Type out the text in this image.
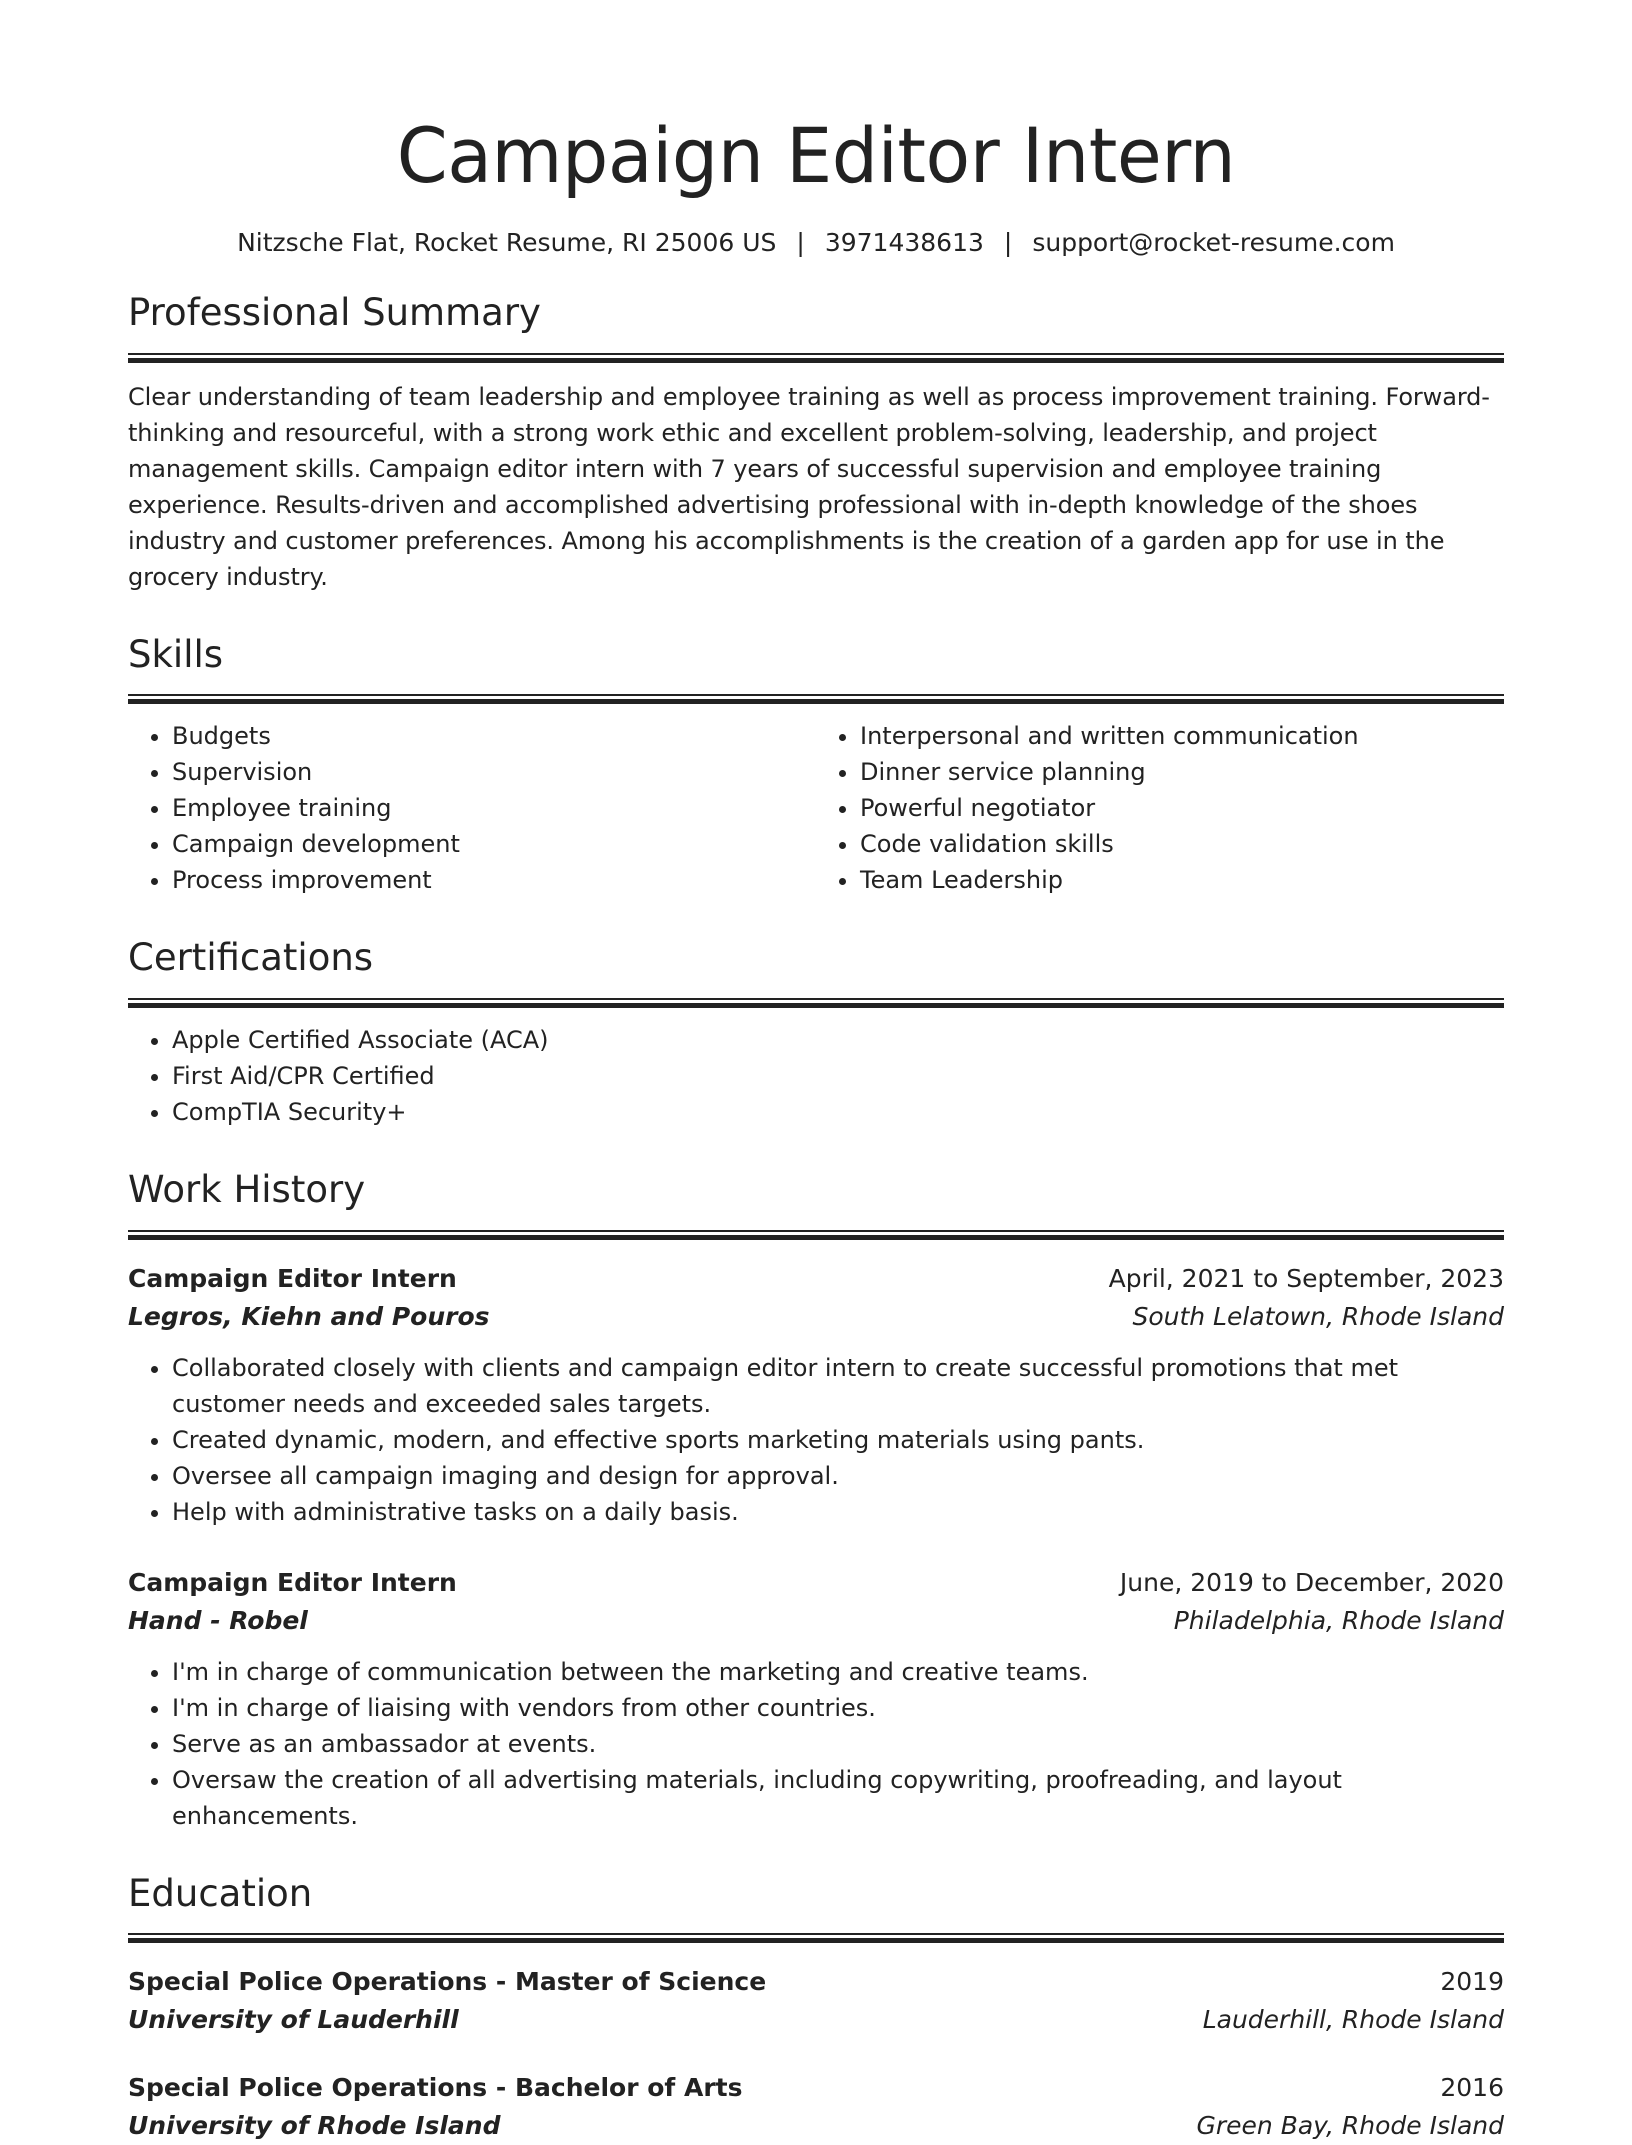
Campaign Editor Intern
Nitzsche Flat, Rocket Resume, RI 25006 US | 3971438613 | support@rocket-resume.com
Professional Summary
Clear understanding of team leadership and employee training as well as process improvement training. Forward-thinking and resourceful, with a strong work ethic and excellent problem-solving, leadership, and project management skills. Campaign editor intern with 7 years of successful supervision and employee training experience. Results-driven and accomplished advertising professional with in-depth knowledge of the shoes industry and customer preferences. Among his accomplishments is the creation of a garden app for use in the grocery industry.
Skills
• Budgets
• Supervision
• Employee training
• Campaign development
• Process improvement
• Interpersonal and written communication
• Dinner service planning
• Powerful negotiator
• Code validation skills
• Team Leadership
Certifications
• Apple Certified Associate (ACA)
• First Aid/CPR Certified
• CompTIA Security+
Work History
Campaign Editor Intern	April, 2021 to September, 2023
Legros, Kiehn and Pouros	South Lelatown, Rhode Island
• Collaborated closely with clients and campaign editor intern to create successful promotions that met customer needs and exceeded sales targets.
• Created dynamic, modern, and effective sports marketing materials using pants.
• Oversee all campaign imaging and design for approval.
• Help with administrative tasks on a daily basis.
Campaign Editor Intern	June, 2019 to December, 2020
Hand - Robel	Philadelphia, Rhode Island
• I'm in charge of communication between the marketing and creative teams.
• I'm in charge of liaising with vendors from other countries.
• Serve as an ambassador at events.
• Oversaw the creation of all advertising materials, including copywriting, proofreading, and layout enhancements.
Education
Special Police Operations - Master of Science	2019
University of Lauderhill	Lauderhill, Rhode Island
Special Police Operations - Bachelor of Arts	2016
University of Rhode Island	Green Bay, Rhode Island
